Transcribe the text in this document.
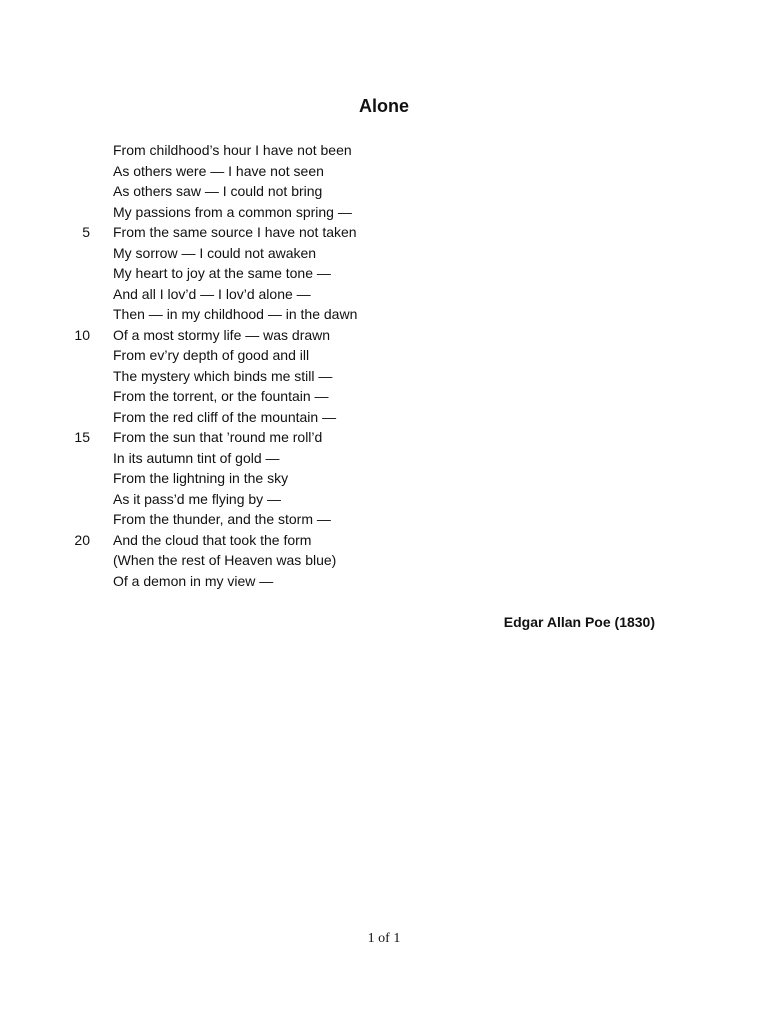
Alone
From childhood’s hour I have not been
As others were — I have not seen
As others saw — I could not bring
My passions from a common spring —
5 From the same source I have not taken
My sorrow — I could not awaken
My heart to joy at the same tone —
And all I lov’d — I lov’d alone —
Then — in my childhood — in the dawn
10 Of a most stormy life — was drawn
From ev’ry depth of good and ill
The mystery which binds me still —
From the torrent, or the fountain —
From the red cliff of the mountain —
15 From the sun that ’round me roll’d
In its autumn tint of gold —
From the lightning in the sky
As it pass’d me flying by —
From the thunder, and the storm —
20 And the cloud that took the form
(When the rest of Heaven was blue)
Of a demon in my view —
Edgar Allan Poe (1830)
1 of 1
